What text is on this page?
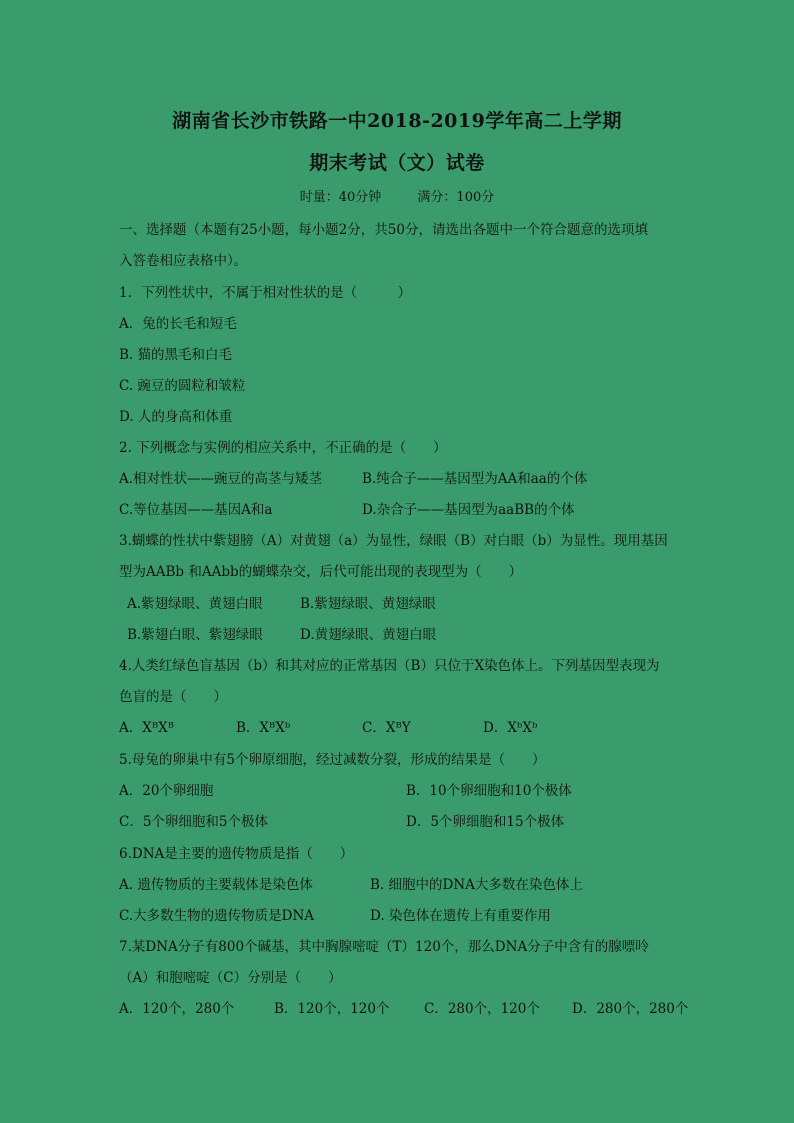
湖南省长沙市铁路一中2018-2019学年高二上学期
期末考试（文）试卷
时量：40分钟	满分：100分
一、选择题（本题有25小题，每小题2分，共50分，请选出各题中一个符合题意的选项填
入答卷相应表格中）。
1．下列性状中，不属于相对性状的是（　　　）
A．兔的长毛和短毛
B. 猫的黑毛和白毛
C. 豌豆的圆粒和皱粒
D. 人的身高和体重
2. 下列概念与实例的相应关系中，不正确的是（　　）
A.相对性状——豌豆的高茎与矮茎	B.纯合子——基因型为AA和aa的个体
C.等位基因——基因A和a	D.杂合子——基因型为aaBB的个体
3.蝴蝶的性状中紫翅膀（A）对黄翅（a）为显性，绿眼（B）对白眼（b）为显性。现用基因
型为AABb 和AAbb的蝴蝶杂交，后代可能出现的表现型为（　　）
A.紫翅绿眼、黄翅白眼	B.紫翅绿眼、黄翅绿眼
B.紫翅白眼、紫翅绿眼	D.黄翅绿眼、黄翅白眼
4.人类红绿色盲基因（b）和其对应的正常基因（B）只位于X染色体上。下列基因型表现为
色盲的是（　　）
A．XᴮXᴮ	B．XᴮXᵇ	C．XᴮY	D．XᵇXᵇ
5.母兔的卵巢中有5个卵原细胞，经过减数分裂，形成的结果是（　　）
A．20个卵细胞	B．10个卵细胞和10个极体
C．5个卵细胞和5个极体	D．5个卵细胞和15个极体
6.DNA是主要的遗传物质是指（　　）
A. 遗传物质的主要载体是染色体	B. 细胞中的DNA大多数在染色体上
C.大多数生物的遗传物质是DNA	D. 染色体在遗传上有重要作用
7.某DNA分子有800个碱基，其中胸腺嘧啶（T）120个，那么DNA分子中含有的腺嘌呤
（A）和胞嘧啶（C）分别是（　　）
A．120个，280个	B．120个，120个	C．280个，120个 D．280个，280个
